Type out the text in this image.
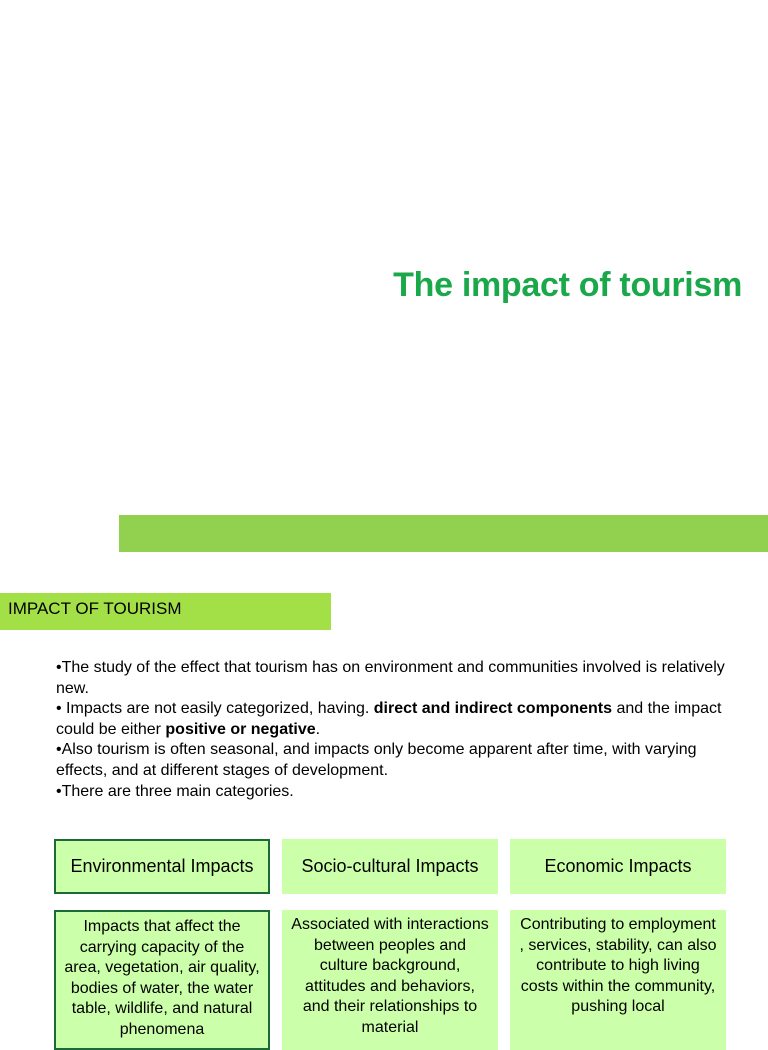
The impact of tourism
IMPACT OF TOURISM

•The study of the effect that tourism has on environment and communities involved is relatively new.

• Impacts are not easily categorized, having. direct and indirect components and the impact could be either positive or negative.

•Also tourism is often seasonal, and impacts only become apparent after time, with varying effects, and at different stages of development.

•There are three main categories.

Environmental Impacts	Socio-cultural Impacts	Economic Impacts
Impacts that affect the carrying capacity of the area, vegetation, air quality, bodies of water, the water table, wildlife, and natural phenomena
Associated with interactions between peoples and culture background, attitudes and behaviors, and their relationships to material
Contributing to employment , services, stability, can also contribute to high living costs within the community, pushing local
